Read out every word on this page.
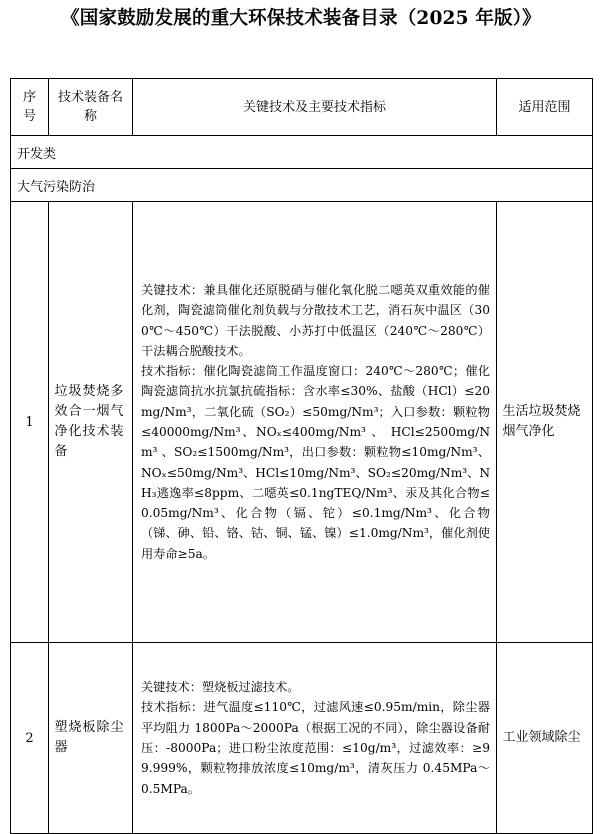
《国家鼓励发展的重大环保技术装备目录（2025 年版）》
序号	技术装备名称	关键技术及主要技术指标	适用范围
开发类			
大气污染防治			
1	垃圾焚烧多效合一烟气净化技术装备	关键技术：兼具催化还原脱硝与催化氧化脱二噁英双重效能的催化剂，陶瓷滤筒催化剂负载与分散技术工艺，消石灰中温区（300℃～450℃）干法脱酸、小苏打中低温区（240℃～280℃）干法耦合脱酸技术。

技术指标：催化陶瓷滤筒工作温度窗口：240℃～280℃；催化陶瓷滤筒抗水抗氯抗硫指标：含水率≤30%、盐酸（HCl）≤20mg/Nm³，二氧化硫（SO₂）≤50mg/Nm³；入口参数：颗粒物≤40000mg/Nm³、NOₓ≤400mg/Nm³ 、 HCl≤2500mg/Nm³ 、SO₂≤1500mg/Nm³，出口参数：颗粒物≤10mg/Nm³、NOₓ≤50mg/Nm³、HCl≤10mg/Nm³、SO₂≤20mg/Nm³、NH₃逃逸率≤8ppm、二噁英≤0.1ngTEQ/Nm³、汞及其化合物≤0.05mg/Nm³、化合物（镉、铊）≤0.1mg/Nm³、化合物（锑、砷、铅、铬、钴、铜、锰、镍）≤1.0mg/Nm³，催化剂使用寿命≥5a。	生活垃圾焚烧烟气净化
2	塑烧板除尘器	关键技术：塑烧板过滤技术。

技术指标：进气温度≤110℃，过滤风速≤0.95m/min，除尘器平均阻力 1800Pa～2000Pa（根据工况的不同），除尘器设备耐压：-8000Pa；进口粉尘浓度范围：≤10g/m³，过滤效率：≥99.999%，颗粒物排放浓度≤10mg/m³，清灰压力 0.45MPa～0.5MPa。	工业领域除尘
